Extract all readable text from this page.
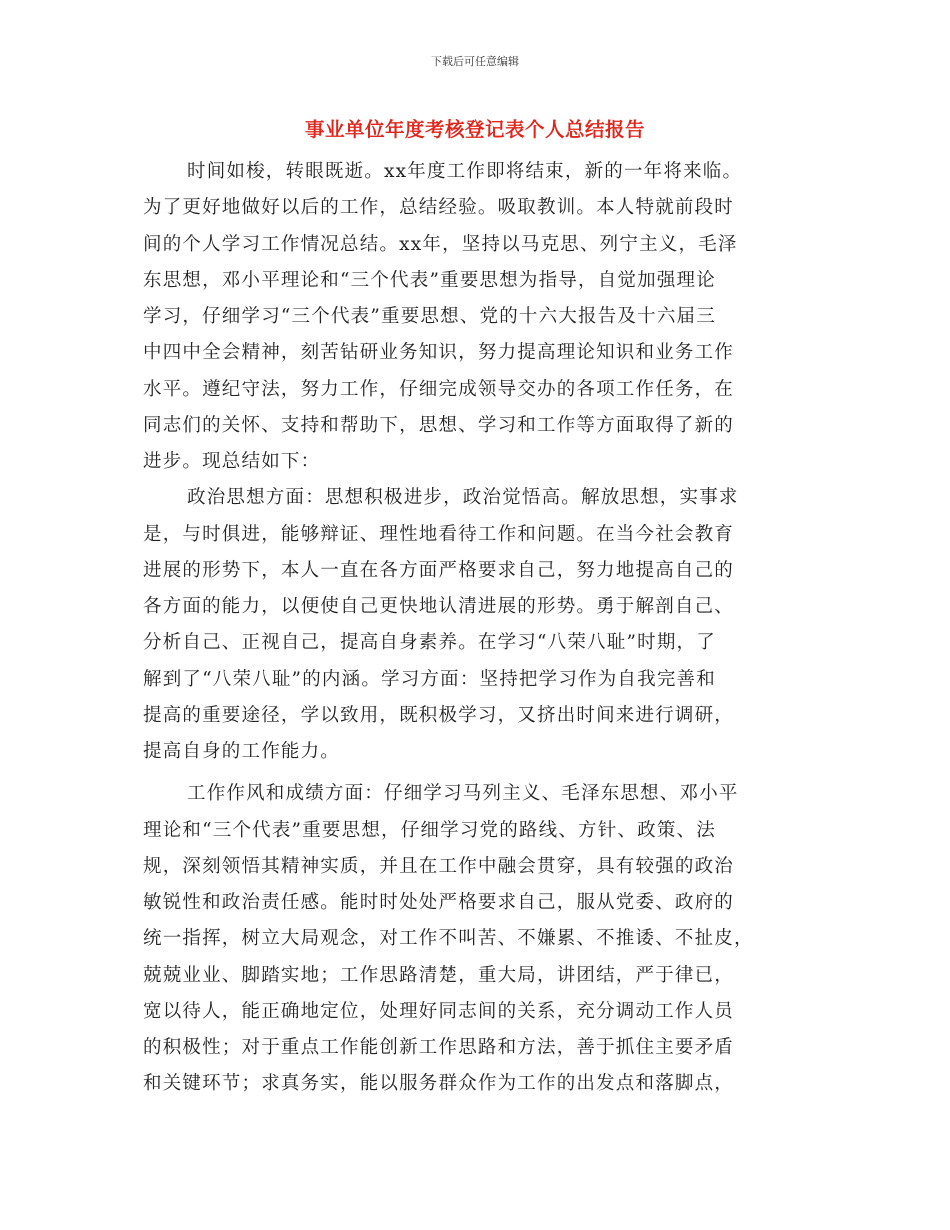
下载后可任意编辑
事业单位年度考核登记表个人总结报告
时间如梭，转眼既逝。xx年度工作即将结束，新的一年将来临。
为了更好地做好以后的工作，总结经验。吸取教训。本人特就前段时
间的个人学习工作情况总结。xx年，坚持以马克思、列宁主义，毛泽
东思想，邓小平理论和“三个代表”重要思想为指导，自觉加强理论
学习，仔细学习“三个代表”重要思想、党的十六大报告及十六届三
中四中全会精神，刻苦钻研业务知识，努力提高理论知识和业务工作
水平。遵纪守法，努力工作，仔细完成领导交办的各项工作任务，在
同志们的关怀、支持和帮助下，思想、学习和工作等方面取得了新的
进步。现总结如下：
政治思想方面：思想积极进步，政治觉悟高。解放思想，实事求
是，与时俱进，能够辩证、理性地看待工作和问题。在当今社会教育
进展的形势下，本人一直在各方面严格要求自己，努力地提高自己的
各方面的能力，以便使自己更快地认清进展的形势。勇于解剖自己、
分析自己、正视自己，提高自身素养。在学习“八荣八耻”时期，了
解到了“八荣八耻”的内涵。学习方面：坚持把学习作为自我完善和
提高的重要途径，学以致用，既积极学习，又挤出时间来进行调研，
提高自身的工作能力。
工作作风和成绩方面：仔细学习马列主义、毛泽东思想、邓小平
理论和“三个代表”重要思想，仔细学习党的路线、方针、政策、法
规，深刻领悟其精神实质，并且在工作中融会贯穿，具有较强的政治
敏锐性和政治责任感。能时时处处严格要求自己，服从党委、政府的
统一指挥，树立大局观念，对工作不叫苦、不嫌累、不推诿、不扯皮，
兢兢业业、脚踏实地；工作思路清楚，重大局，讲团结，严于律已，
宽以待人，能正确地定位，处理好同志间的关系，充分调动工作人员
的积极性；对于重点工作能创新工作思路和方法，善于抓住主要矛盾
和关键环节；求真务实，能以服务群众作为工作的出发点和落脚点，
